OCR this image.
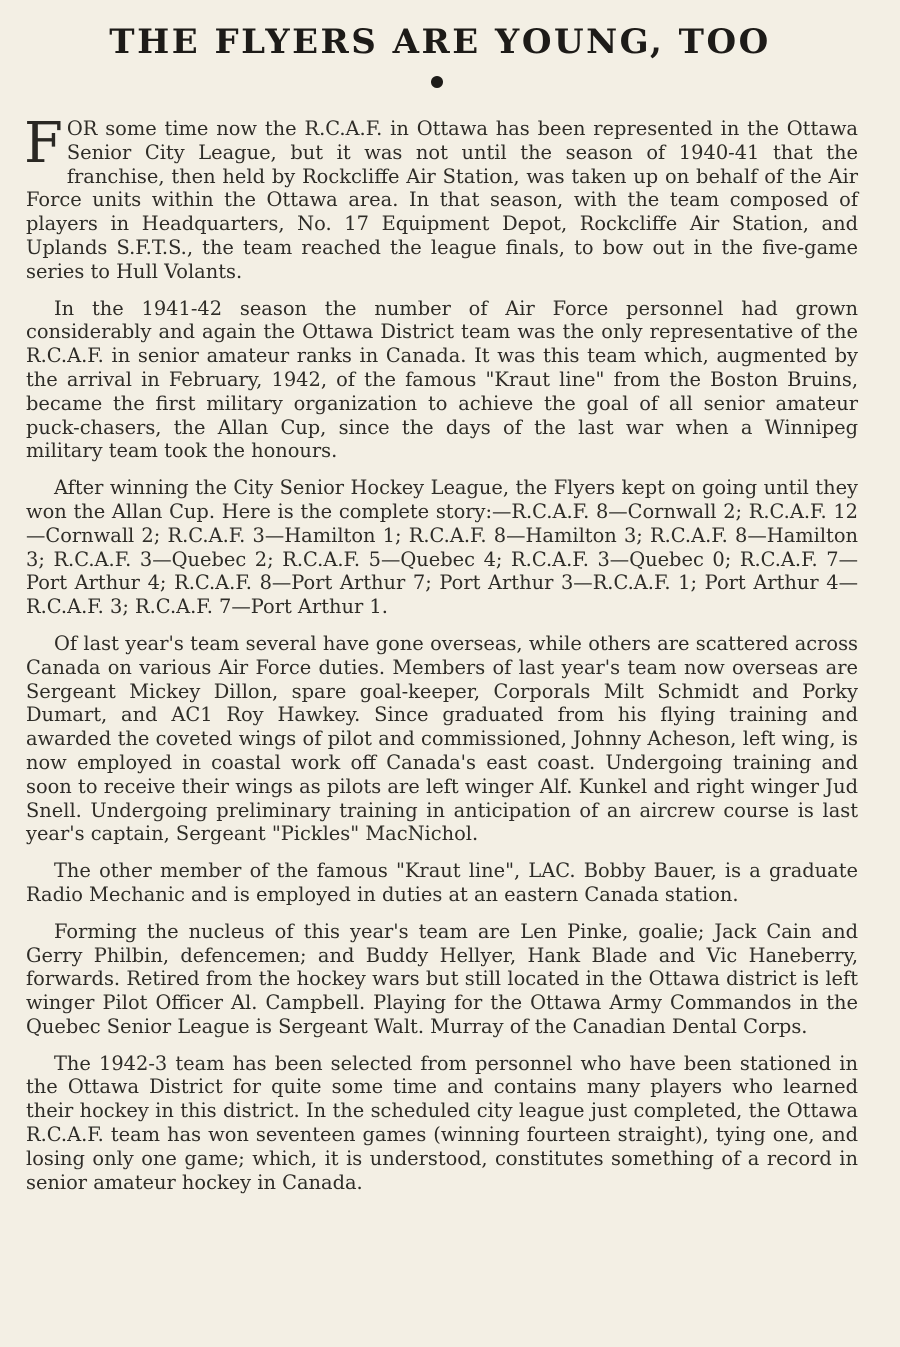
THE FLYERS ARE YOUNG, TOO

FOR some time now the R.C.A.F. in Ottawa has been represented in the Ottawa Senior City League, but it was not until the season of 1940-41 that the franchise, then held by Rockcliffe Air Station, was taken up on behalf of the Air Force units within the Ottawa area. In that season, with the team composed of players in Headquarters, No. 17 Equipment Depot, Rockcliffe Air Station, and Uplands S.F.T.S., the team reached the league finals, to bow out in the five-game series to Hull Volants.

In the 1941-42 season the number of Air Force personnel had grown considerably and again the Ottawa District team was the only representative of the R.C.A.F. in senior amateur ranks in Canada. It was this team which, augmented by the arrival in February, 1942, of the famous "Kraut line" from the Boston Bruins, became the first military organization to achieve the goal of all senior amateur puck-chasers, the Allan Cup, since the days of the last war when a Winnipeg military team took the honours.

After winning the City Senior Hockey League, the Flyers kept on going until they won the Allan Cup. Here is the complete story:—R.C.A.F. 8—Cornwall 2; R.C.A.F. 12—Cornwall 2; R.C.A.F. 3—Hamilton 1; R.C.A.F. 8—Hamilton 3; R.C.A.F. 8—Hamilton 3; R.C.A.F. 3—Quebec 2; R.C.A.F. 5—Quebec 4; R.C.A.F. 3—Quebec 0; R.C.A.F. 7—Port Arthur 4; R.C.A.F. 8—Port Arthur 7; Port Arthur 3—R.C.A.F. 1; Port Arthur 4—R.C.A.F. 3; R.C.A.F. 7—Port Arthur 1.

Of last year's team several have gone overseas, while others are scattered across Canada on various Air Force duties. Members of last year's team now overseas are Sergeant Mickey Dillon, spare goal-keeper, Corporals Milt Schmidt and Porky Dumart, and AC1 Roy Hawkey. Since graduated from his flying training and awarded the coveted wings of pilot and commissioned, Johnny Acheson, left wing, is now employed in coastal work off Canada's east coast. Undergoing training and soon to receive their wings as pilots are left winger Alf. Kunkel and right winger Jud Snell. Undergoing preliminary training in anticipation of an aircrew course is last year's captain, Sergeant "Pickles" MacNichol.

The other member of the famous "Kraut line", LAC. Bobby Bauer, is a graduate Radio Mechanic and is employed in duties at an eastern Canada station.

Forming the nucleus of this year's team are Len Pinke, goalie; Jack Cain and Gerry Philbin, defencemen; and Buddy Hellyer, Hank Blade and Vic Haneberry, forwards. Retired from the hockey wars but still located in the Ottawa district is left winger Pilot Officer Al. Campbell. Playing for the Ottawa Army Commandos in the Quebec Senior League is Sergeant Walt. Murray of the Canadian Dental Corps.

The 1942-3 team has been selected from personnel who have been stationed in the Ottawa District for quite some time and contains many players who learned their hockey in this district. In the scheduled city league just completed, the Ottawa R.C.A.F. team has won seventeen games (winning fourteen straight), tying one, and losing only one game; which, it is understood, constitutes something of a record in senior amateur hockey in Canada.
